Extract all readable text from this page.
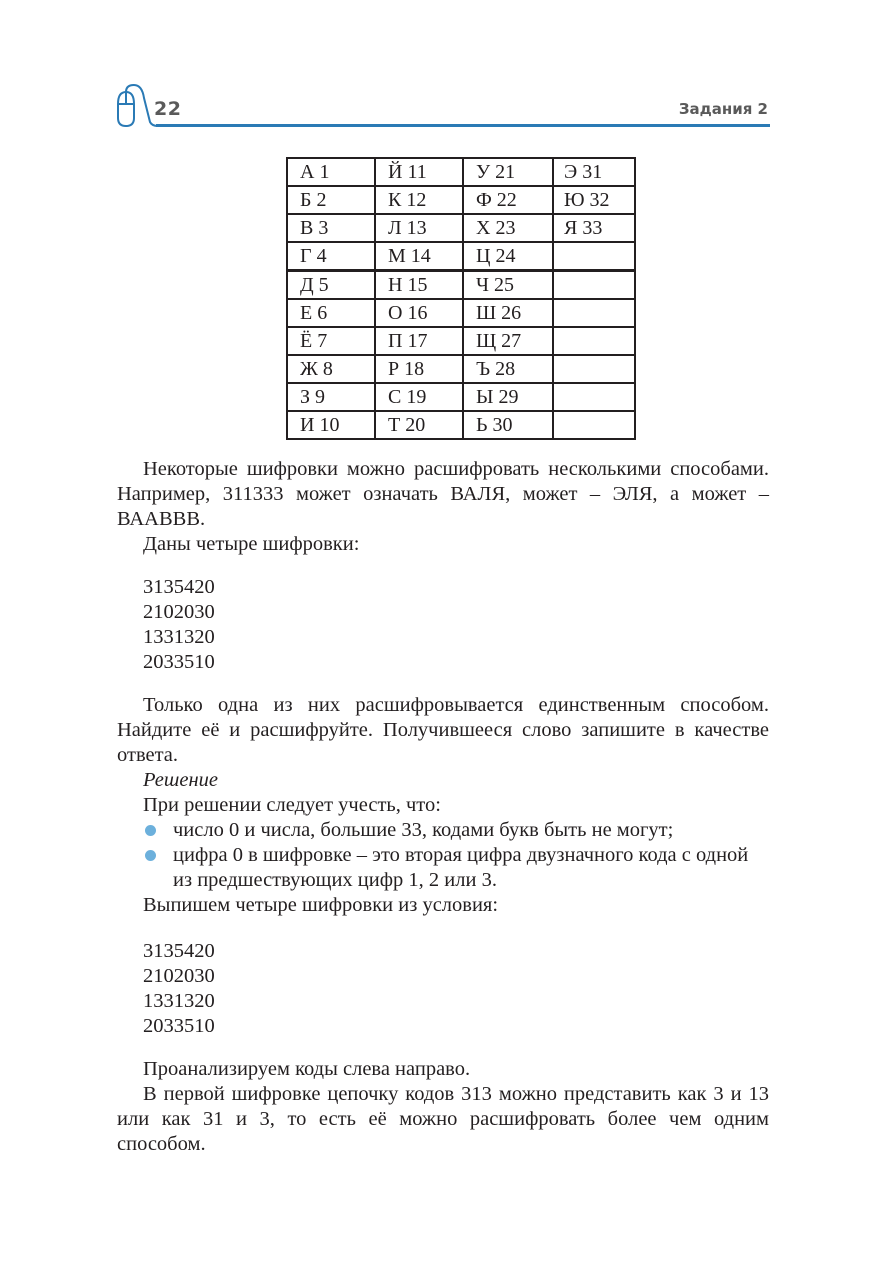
22	Задания 2
А 1	Й 11	У 21	Э 31
Б 2	К 12	Ф 22	Ю 32
В 3	Л 13	Х 23	Я 33
Г 4	М 14	Ц 24	
Д 5	Н 15	Ч 25	
Е 6	О 16	Ш 26	
Ё 7	П 17	Щ 27	
Ж 8	Р 18	Ъ 28	
З 9	С 19	Ы 29	
И 10	Т 20	Ь 30	

Некоторые шифровки можно расшифровать несколькими способами. Например, 311333 может означать ВАЛЯ, может – ЭЛЯ, а может – ВААВВВ.

Даны четыре шифровки:

3135420
2102030
1331320
2033510

Только одна из них расшифровывается единственным способом. Найдите её и расшифруйте. Получившееся слово запишите в качестве ответа.

Решение

При решении следует учесть, что:

число 0 и числа, большие 33, кодами букв быть не могут;
цифра 0 в шифровке – это вторая цифра двузначного кода с одной из предшествующих цифр 1, 2 или 3.

Выпишем четыре шифровки из условия:

3135420
2102030
1331320
2033510

Проанализируем коды слева направо.

В первой шифровке цепочку кодов 313 можно представить как 3 и 13 или как 31 и 3, то есть её можно расшифровать более чем одним способом.
